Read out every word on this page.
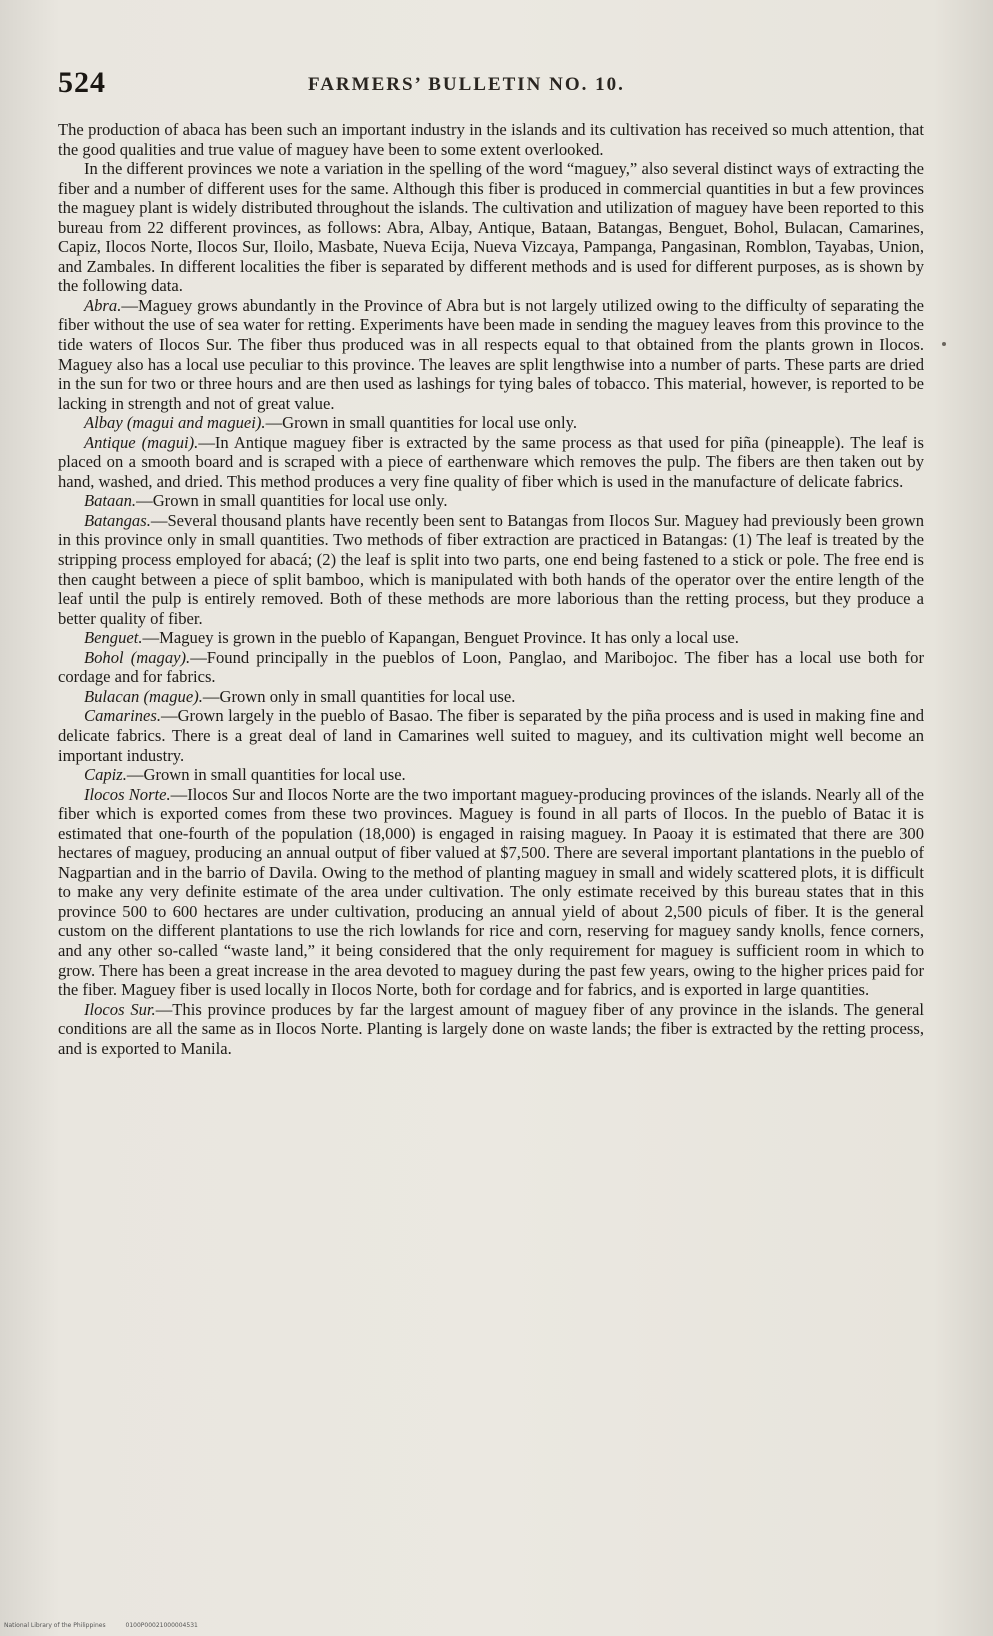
524	FARMERS’ BULLETIN NO. 10.

The production of abaca has been such an important industry in the islands and its cultivation has received so much attention, that the good qualities and true value of maguey have been to some extent overlooked.

In the different provinces we note a variation in the spelling of the word “maguey,” also several distinct ways of extracting the fiber and a number of different uses for the same. Although this fiber is produced in commercial quantities in but a few provinces the maguey plant is widely distributed throughout the islands. The cultivation and utilization of maguey have been reported to this bureau from 22 different provinces, as follows: Abra, Albay, Antique, Bataan, Batangas, Benguet, Bohol, Bulacan, Camarines, Capiz, Ilocos Norte, Ilocos Sur, Iloilo, Masbate, Nueva Ecija, Nueva Vizcaya, Pampanga, Pangasinan, Romblon, Tayabas, Union, and Zambales. In different localities the fiber is separated by different methods and is used for different purposes, as is shown by the following data.

Abra.—Maguey grows abundantly in the Province of Abra but is not largely utilized owing to the difficulty of separating the fiber without the use of sea water for retting. Experiments have been made in sending the maguey leaves from this province to the tide waters of Ilocos Sur. The fiber thus produced was in all respects equal to that obtained from the plants grown in Ilocos. Maguey also has a local use peculiar to this province. The leaves are split lengthwise into a number of parts. These parts are dried in the sun for two or three hours and are then used as lashings for tying bales of tobacco. This material, however, is reported to be lacking in strength and not of great value.

Albay (magui and maguei).—Grown in small quantities for local use only.

Antique (magui).—In Antique maguey fiber is extracted by the same process as that used for piña (pineapple). The leaf is placed on a smooth board and is scraped with a piece of earthenware which removes the pulp. The fibers are then taken out by hand, washed, and dried. This method produces a very fine quality of fiber which is used in the manufacture of delicate fabrics.

Bataan.—Grown in small quantities for local use only.

Batangas.—Several thousand plants have recently been sent to Batangas from Ilocos Sur. Maguey had previously been grown in this province only in small quantities. Two methods of fiber extraction are practiced in Batangas: (1) The leaf is treated by the stripping process employed for abacá; (2) the leaf is split into two parts, one end being fastened to a stick or pole. The free end is then caught between a piece of split bamboo, which is manipulated with both hands of the operator over the entire length of the leaf until the pulp is entirely removed. Both of these methods are more laborious than the retting process, but they produce a better quality of fiber.

Benguet.—Maguey is grown in the pueblo of Kapangan, Benguet Province. It has only a local use.

Bohol (magay).—Found principally in the pueblos of Loon, Panglao, and Maribojoc. The fiber has a local use both for cordage and for fabrics.

Bulacan (mague).—Grown only in small quantities for local use.

Camarines.—Grown largely in the pueblo of Basao. The fiber is separated by the piña process and is used in making fine and delicate fabrics. There is a great deal of land in Camarines well suited to maguey, and its cultivation might well become an important industry.

Capiz.—Grown in small quantities for local use.

Ilocos Norte.—Ilocos Sur and Ilocos Norte are the two important maguey-producing provinces of the islands. Nearly all of the fiber which is exported comes from these two provinces. Maguey is found in all parts of Ilocos. In the pueblo of Batac it is estimated that one-fourth of the population (18,000) is engaged in raising maguey. In Paoay it is estimated that there are 300 hectares of maguey, producing an annual output of fiber valued at $7,500. There are several important plantations in the pueblo of Nagpartian and in the barrio of Davila. Owing to the method of planting maguey in small and widely scattered plots, it is difficult to make any very definite estimate of the area under cultivation. The only estimate received by this bureau states that in this province 500 to 600 hectares are under cultivation, producing an annual yield of about 2,500 piculs of fiber. It is the general custom on the different plantations to use the rich lowlands for rice and corn, reserving for maguey sandy knolls, fence corners, and any other so-called “waste land,” it being considered that the only requirement for maguey is sufficient room in which to grow. There has been a great increase in the area devoted to maguey during the past few years, owing to the higher prices paid for the fiber. Maguey fiber is used locally in Ilocos Norte, both for cordage and for fabrics, and is exported in large quantities.

Ilocos Sur.—This province produces by far the largest amount of maguey fiber of any province in the islands. The general conditions are all the same as in Ilocos Norte. Planting is largely done on waste lands; the fiber is extracted by the retting process, and is exported to Manila.

National Library of the Philippines	0100P00021000004531
